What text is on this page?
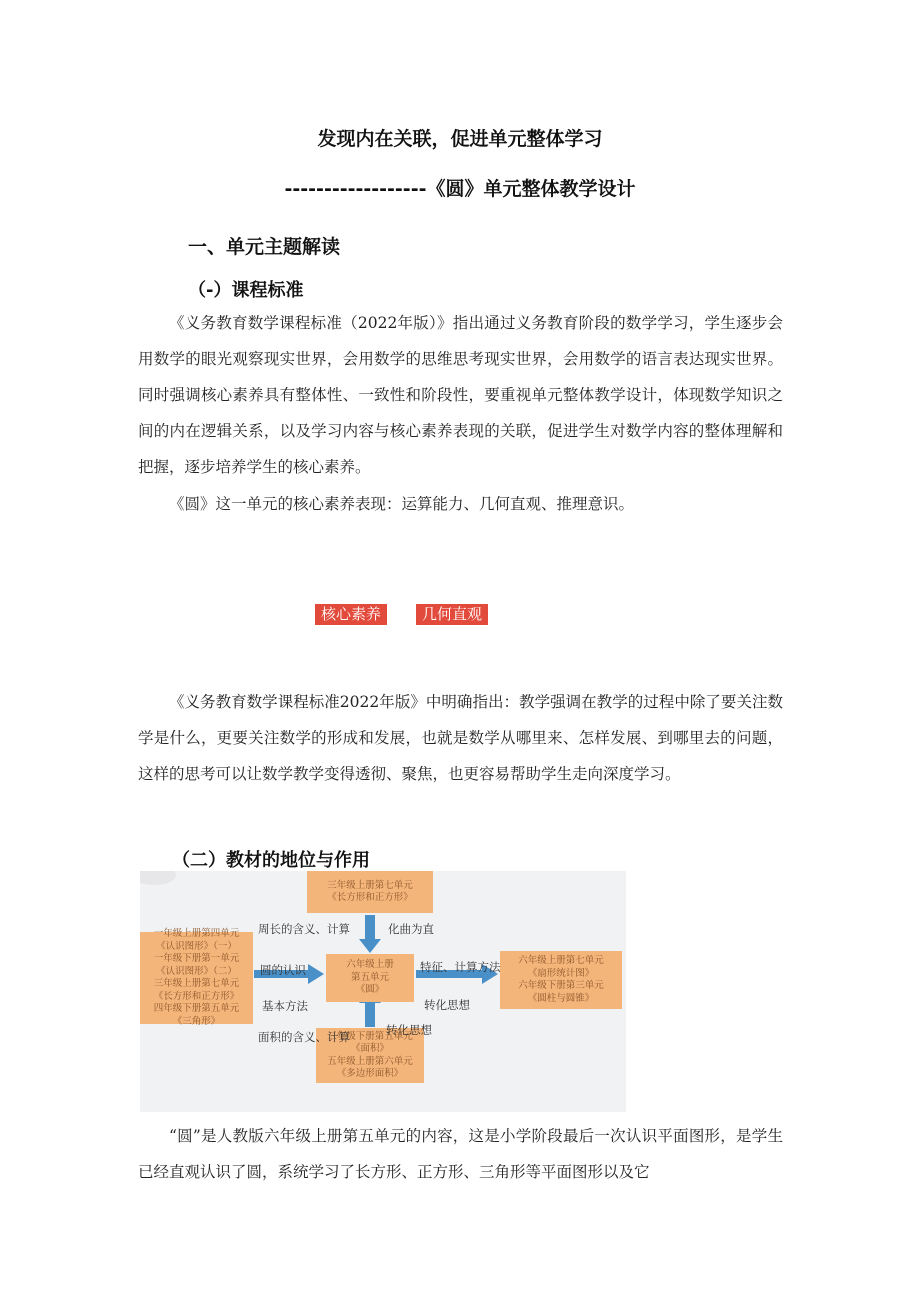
发现内在关联，促进单元整体学习
------------------《圆》单元整体教学设计
一、单元主题解读
（-）课程标准

《义务教育数学课程标准（2022年版）》指出通过义务教育阶段的数学学习，学生逐步会用数学的眼光观察现实世界，会用数学的思维思考现实世界，会用数学的语言表达现实世界。同时强调核心素养具有整体性、一致性和阶段性，要重视单元整体教学设计，体现数学知识之间的内在逻辑关系，以及学习内容与核心素养表现的关联，促进学生对数学内容的整体理解和把握，逐步培养学生的核心素养。

《圆》这一单元的核心素养表现：运算能力、几何直观、推理意识。

核心素养	几何直观

《义务教育数学课程标准2022年版》中明确指出：教学强调在教学的过程中除了要关注数学是什么，更要关注数学的形成和发展，也就是数学从哪里来、怎样发展、到哪里去的问题，这样的思考可以让数学教学变得透彻、聚焦，也更容易帮助学生走向深度学习。

（二）教材的地位与作用
三年级上册第七单元
《长方形和正方形》
一年级上册第四单元
《认识图形》（一）
一年级下册第一单元
《认识图形》（二）
三年级上册第七单元
《长方形和正方形》
四年级下册第五单元
《三角形》
六年级上册
第五单元
《圆》
六年级上册第七单元
《扇形统计图》
六年级下册第三单元
《圆柱与圆锥》
三年级下册第五单元
《面积》
五年级上册第六单元
《多边形面积》
周长的含义、计算	化曲为直
圆的认识
基本方法
特征、计算方法
转化思想
面积的含义、计算	转化思想

“圆”是人教版六年级上册第五单元的内容，这是小学阶段最后一次认识平面图形，是学生已经直观认识了圆，系统学习了长方形、正方形、三角形等平面图形以及它
